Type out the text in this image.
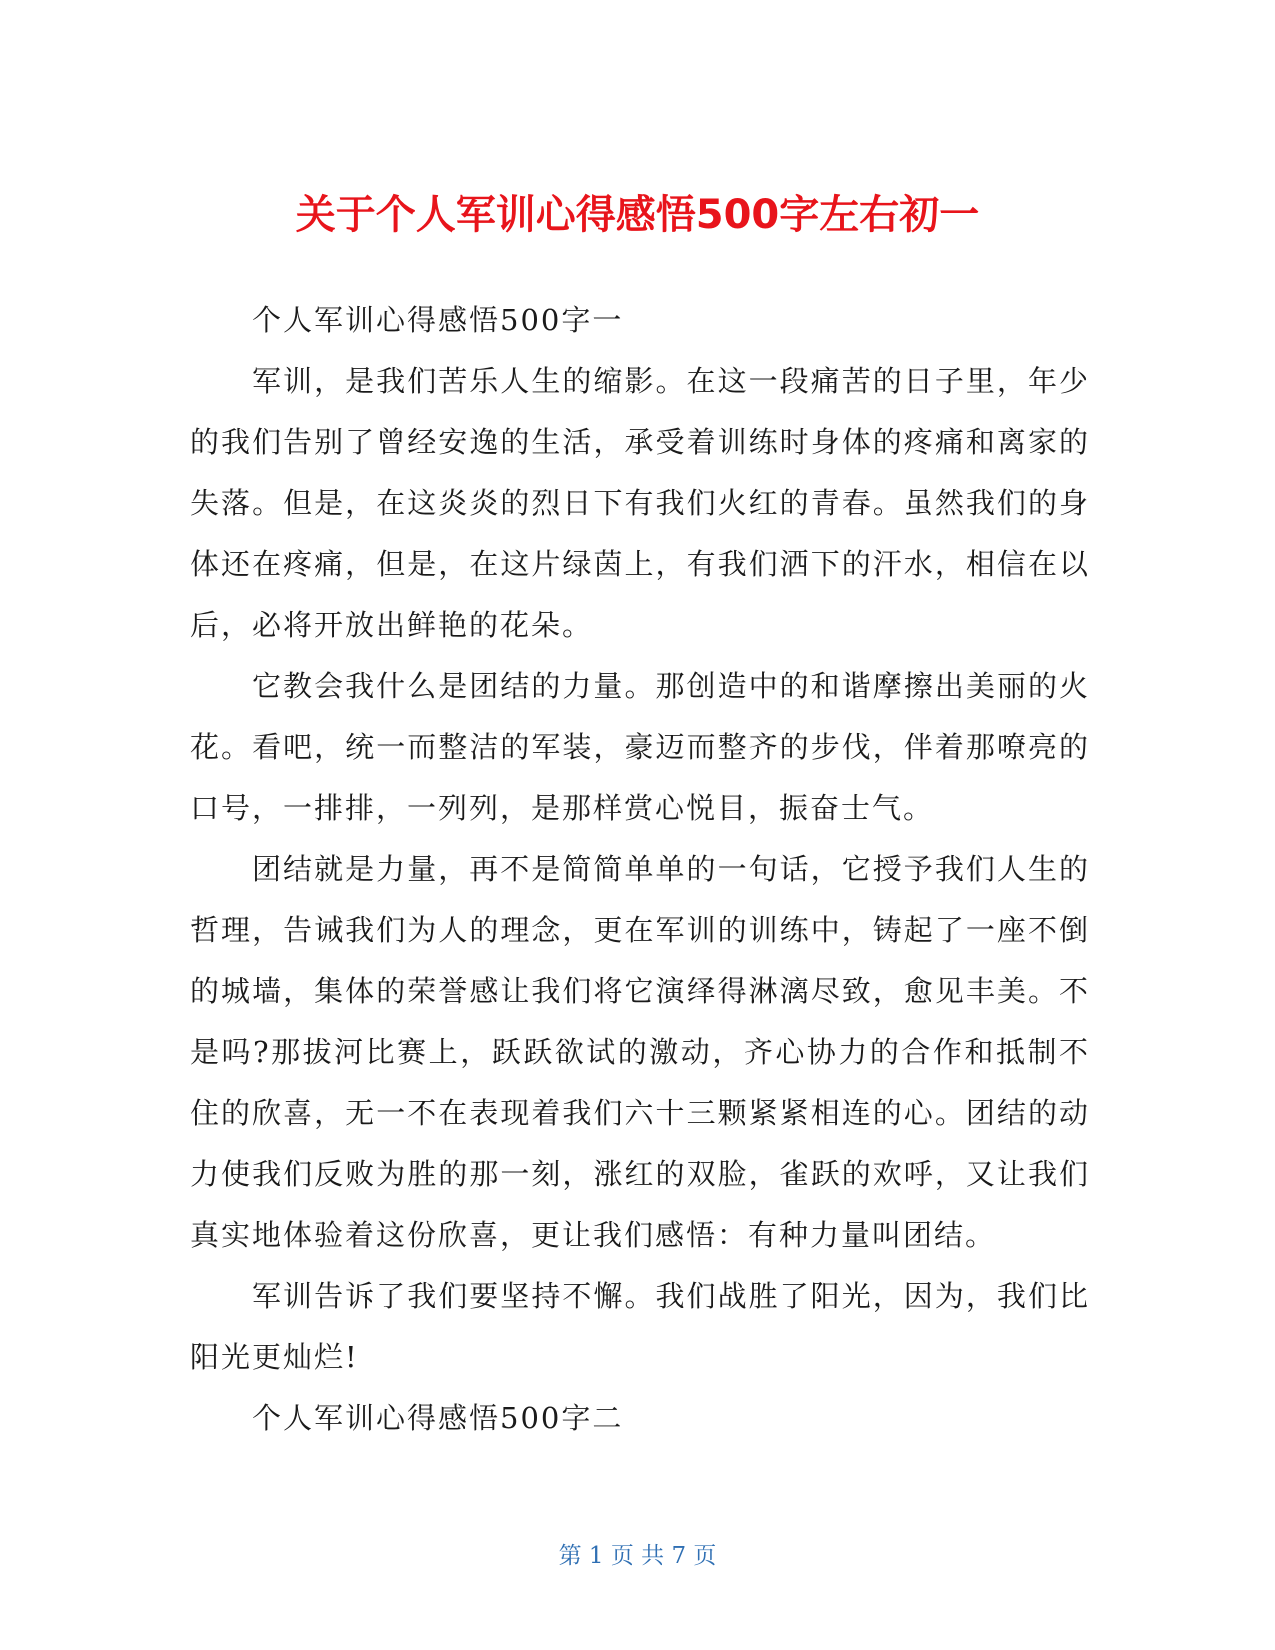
关于个人军训心得感悟500字左右初一

个人军训心得感悟500字一

军训，是我们苦乐人生的缩影。在这一段痛苦的日子里，年少的我们告别了曾经安逸的生活，承受着训练时身体的疼痛和离家的失落。但是，在这炎炎的烈日下有我们火红的青春。虽然我们的身体还在疼痛，但是，在这片绿茵上，有我们洒下的汗水，相信在以后，必将开放出鲜艳的花朵。

它教会我什么是团结的力量。那创造中的和谐摩擦出美丽的火花。看吧，统一而整洁的军装，豪迈而整齐的步伐，伴着那嘹亮的口号，一排排，一列列，是那样赏心悦目，振奋士气。

团结就是力量，再不是简简单单的一句话，它授予我们人生的哲理，告诫我们为人的理念，更在军训的训练中，铸起了一座不倒的城墙，集体的荣誉感让我们将它演绎得淋漓尽致，愈见丰美。不是吗?那拔河比赛上，跃跃欲试的激动，齐心协力的合作和抵制不住的欣喜，无一不在表现着我们六十三颗紧紧相连的心。团结的动力使我们反败为胜的那一刻，涨红的双脸，雀跃的欢呼，又让我们真实地体验着这份欣喜，更让我们感悟：有种力量叫团结。

军训告诉了我们要坚持不懈。我们战胜了阳光，因为，我们比阳光更灿烂!

个人军训心得感悟500字二

第 1 页 共 7 页
